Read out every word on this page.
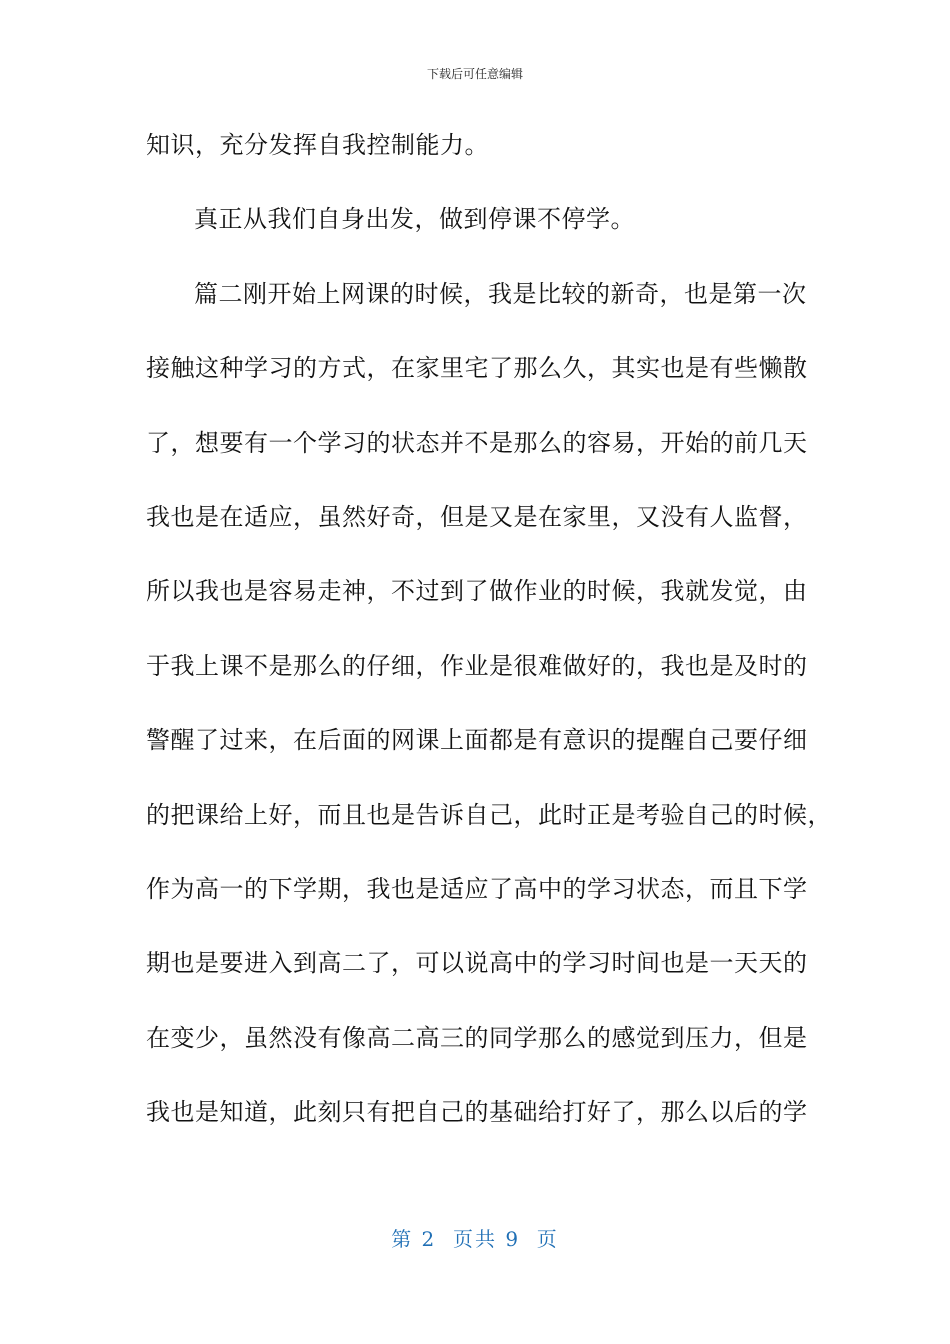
下载后可任意编辑
知识，充分发挥自我控制能力。
真正从我们自身出发，做到停课不停学。
篇二刚开始上网课的时候，我是比较的新奇，也是第一次
接触这种学习的方式，在家里宅了那么久，其实也是有些懒散
了，想要有一个学习的状态并不是那么的容易，开始的前几天
我也是在适应，虽然好奇，但是又是在家里，又没有人监督，
所以我也是容易走神，不过到了做作业的时候，我就发觉，由
于我上课不是那么的仔细，作业是很难做好的，我也是及时的
警醒了过来，在后面的网课上面都是有意识的提醒自己要仔细
的把课给上好，而且也是告诉自己，此时正是考验自己的时候，
作为高一的下学期，我也是适应了高中的学习状态，而且下学
期也是要进入到高二了，可以说高中的学习时间也是一天天的
在变少，虽然没有像高二高三的同学那么的感觉到压力，但是
我也是知道，此刻只有把自己的基础给打好了，那么以后的学
第 2  页共 9  页
